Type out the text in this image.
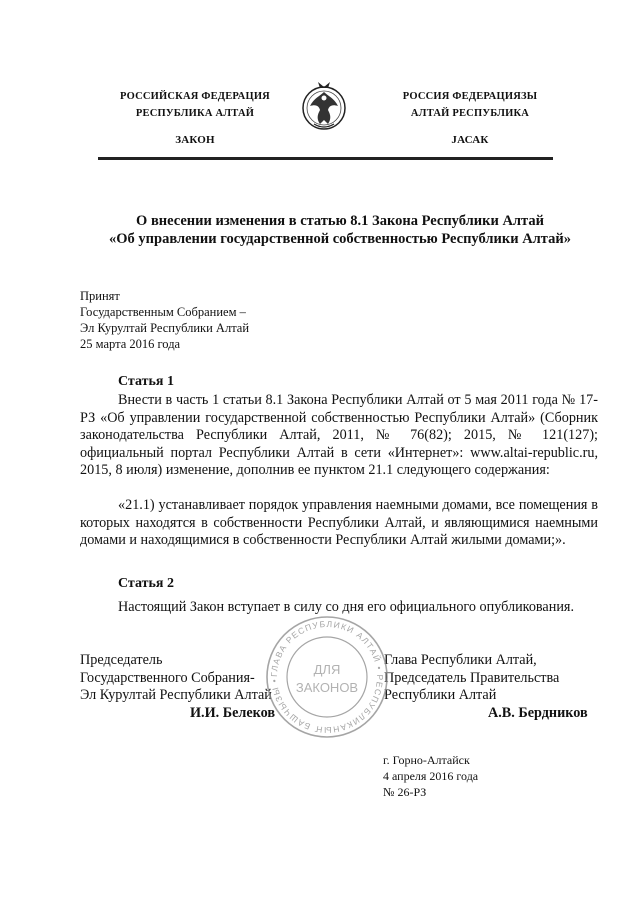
РОССИЙСКАЯ ФЕДЕРАЦИЯ
РЕСПУБЛИКА АЛТАЙ
ЗАКОН
РОССИЯ ФЕДЕРАЦИЯЗЫ
АЛТАЙ РЕСПУБЛИКА
ЈАСАК
О внесении изменения в статью 8.1 Закона Республики Алтай
«Об управлении государственной собственностью Республики Алтай»
Принят
Государственным Собранием –
Эл Курултай Республики Алтай
25 марта 2016 года
Статья 1
Внести в часть 1 статьи 8.1 Закона Республики Алтай от 5 мая 2011 года № 17-РЗ «Об управлении государственной собственностью Республики Алтай» (Сборник законодательства Республики Алтай, 2011, № 76(82); 2015, № 121(127); официальный портал Республики Алтай в сети «Интернет»: www.altai-republic.ru, 2015, 8 июля) изменение, дополнив ее пунктом 21.1 следующего содержания:
«21.1) устанавливает порядок управления наемными домами, все помещения в которых находятся в собственности Республики Алтай, и являющимися наемными домами и находящимися в собственности Республики Алтай жилыми домами;».
Статья 2
Настоящий Закон вступает в силу со дня его официального опубликования.
Председатель
Государственного Собрания-
Эл Курултай Республики Алтай
И.И. Белеков
Глава Республики Алтай,
Председатель Правительства
Республики Алтай
А.В. Бердников
г. Горно-Алтайск
4 апреля 2016 года
№ 26-РЗ
ГЛАВА РЕСПУБЛИКИ АЛТАЙ • РЕСПУБЛИКАНЫҤ БАШЧЫЗЫ •
ДЛЯ
ЗАКОНОВ
